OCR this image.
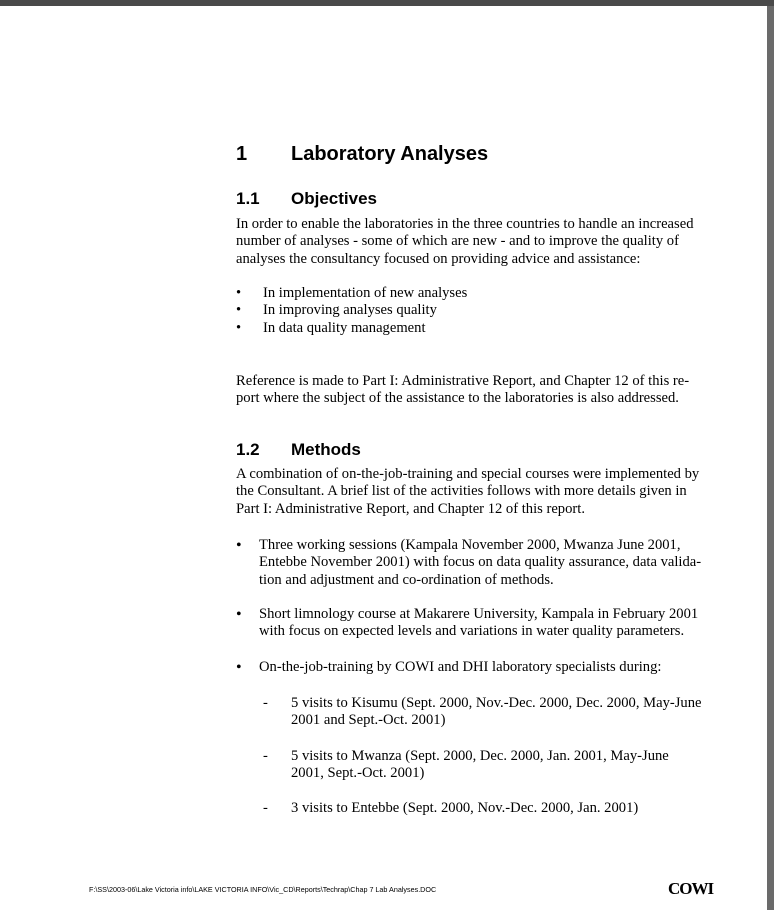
1 Laboratory Analyses
1.1 Objectives
In order to enable the laboratories in the three countries to handle an increased
number of analyses - some of which are new - and to improve the quality of
analyses the consultancy focused on providing advice and assistance:
• In implementation of new analyses
• In improving analyses quality
• In data quality management
Reference is made to Part I: Administrative Report, and Chapter 12 of this re-
port where the subject of the assistance to the laboratories is also addressed.
1.2 Methods
A combination of on-the-job-training and special courses were implemented by
the Consultant. A brief list of the activities follows with more details given in
Part I: Administrative Report, and Chapter 12 of this report.
• Three working sessions (Kampala November 2000, Mwanza June 2001,
Entebbe November 2001) with focus on data quality assurance, data valida-
tion and adjustment and co-ordination of methods.
• Short limnology course at Makarere University, Kampala in February 2001
with focus on expected levels and variations in water quality parameters.
• On-the-job-training by COWI and DHI laboratory specialists during:
- 5 visits to Kisumu (Sept. 2000, Nov.-Dec. 2000, Dec. 2000, May-June
2001 and Sept.-Oct. 2001)
- 5 visits to Mwanza (Sept. 2000, Dec. 2000, Jan. 2001, May-June
2001, Sept.-Oct. 2001)
- 3 visits to Entebbe (Sept. 2000, Nov.-Dec. 2000, Jan. 2001)
F:\SS\2003-06\Lake Victoria info\LAKE VICTORIA INFO\Vic_CD\Reports\Techrap\Chap 7 Lab Analyses.DOC	COWI
